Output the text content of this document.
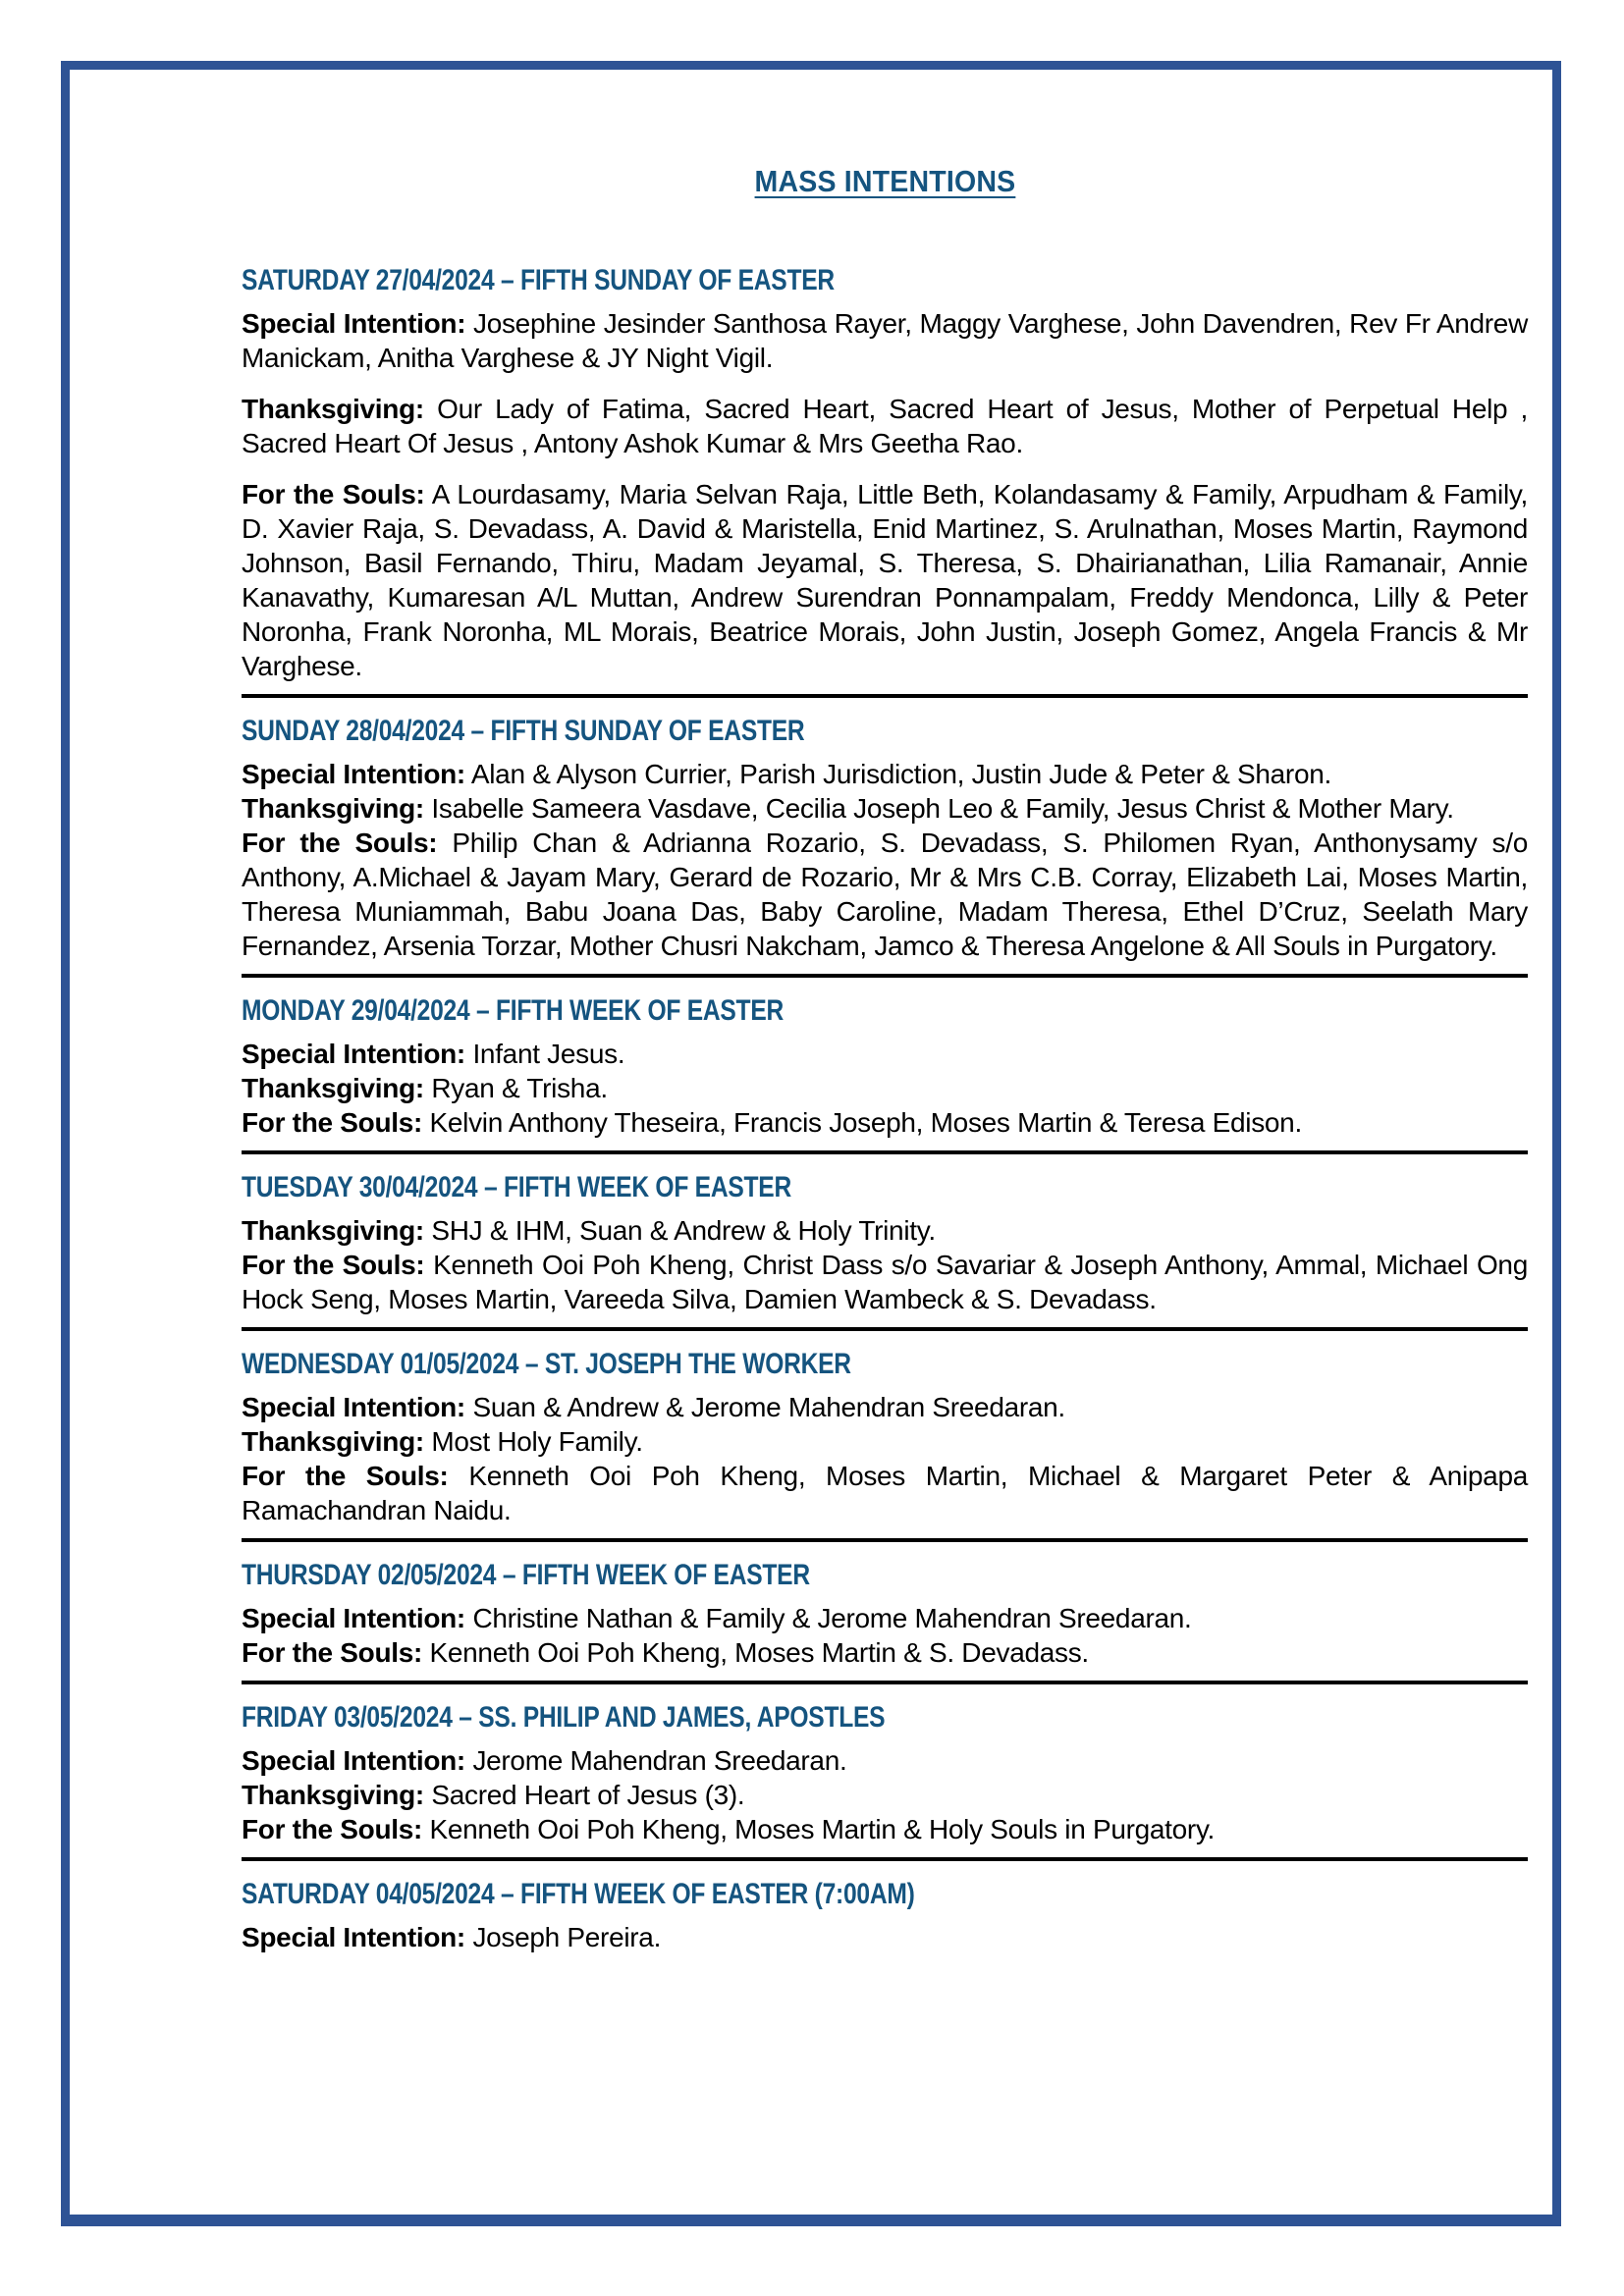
MASS INTENTIONS
SATURDAY 27/04/2024 – FIFTH SUNDAY OF EASTER

Special Intention: Josephine Jesinder Santhosa Rayer, Maggy Varghese, John Davendren, Rev Fr Andrew Manickam, Anitha Varghese & JY Night Vigil.

Thanksgiving: Our Lady of Fatima, Sacred Heart, Sacred Heart of Jesus, Mother of Perpetual Help , Sacred Heart Of Jesus , Antony Ashok Kumar & Mrs Geetha Rao.

For the Souls: A Lourdasamy, Maria Selvan Raja, Little Beth, Kolandasamy & Family, Arpudham & Family, D. Xavier Raja, S. Devadass, A. David & Maristella, Enid Martinez, S. Arulnathan, Moses Martin, Raymond Johnson, Basil Fernando, Thiru, Madam Jeyamal, S. Theresa, S. Dhairianathan, Lilia Ramanair, Annie Kanavathy, Kumaresan A/L Muttan, Andrew Surendran Ponnampalam, Freddy Mendonca, Lilly & Peter Noronha, Frank Noronha, ML Morais, Beatrice Morais, John Justin, Joseph Gomez, Angela Francis & Mr Varghese.

SUNDAY 28/04/2024 – FIFTH SUNDAY OF EASTER

Special Intention: Alan & Alyson Currier, Parish Jurisdiction, Justin Jude & Peter & Sharon.

Thanksgiving: Isabelle Sameera Vasdave, Cecilia Joseph Leo & Family, Jesus Christ & Mother Mary.

For the Souls: Philip Chan & Adrianna Rozario, S. Devadass, S. Philomen Ryan, Anthonysamy s/o Anthony, A.Michael & Jayam Mary, Gerard de Rozario, Mr & Mrs C.B. Corray, Elizabeth Lai, Moses Martin, Theresa Muniammah, Babu Joana Das, Baby Caroline, Madam Theresa, Ethel D’Cruz, Seelath Mary Fernandez, Arsenia Torzar, Mother Chusri Nakcham, Jamco & Theresa Angelone & All Souls in Purgatory.

MONDAY 29/04/2024 – FIFTH WEEK OF EASTER

Special Intention: Infant Jesus.

Thanksgiving: Ryan & Trisha.

For the Souls: Kelvin Anthony Theseira, Francis Joseph, Moses Martin & Teresa Edison.

TUESDAY 30/04/2024 – FIFTH WEEK OF EASTER

Thanksgiving: SHJ & IHM, Suan & Andrew & Holy Trinity.

For the Souls: Kenneth Ooi Poh Kheng, Christ Dass s/o Savariar & Joseph Anthony, Ammal, Michael Ong Hock Seng, Moses Martin, Vareeda Silva, Damien Wambeck & S. Devadass.

WEDNESDAY 01/05/2024 – ST. JOSEPH THE WORKER

Special Intention: Suan & Andrew & Jerome Mahendran Sreedaran.

Thanksgiving: Most Holy Family.

For the Souls: Kenneth Ooi Poh Kheng, Moses Martin, Michael & Margaret Peter & Anipapa Ramachandran Naidu.

THURSDAY 02/05/2024 – FIFTH WEEK OF EASTER

Special Intention: Christine Nathan & Family & Jerome Mahendran Sreedaran.

For the Souls: Kenneth Ooi Poh Kheng, Moses Martin & S. Devadass.

FRIDAY 03/05/2024 – SS. PHILIP AND JAMES, APOSTLES

Special Intention: Jerome Mahendran Sreedaran.

Thanksgiving: Sacred Heart of Jesus (3).

For the Souls: Kenneth Ooi Poh Kheng, Moses Martin & Holy Souls in Purgatory.

SATURDAY 04/05/2024 – FIFTH WEEK OF EASTER (7:00AM)

Special Intention: Joseph Pereira.
